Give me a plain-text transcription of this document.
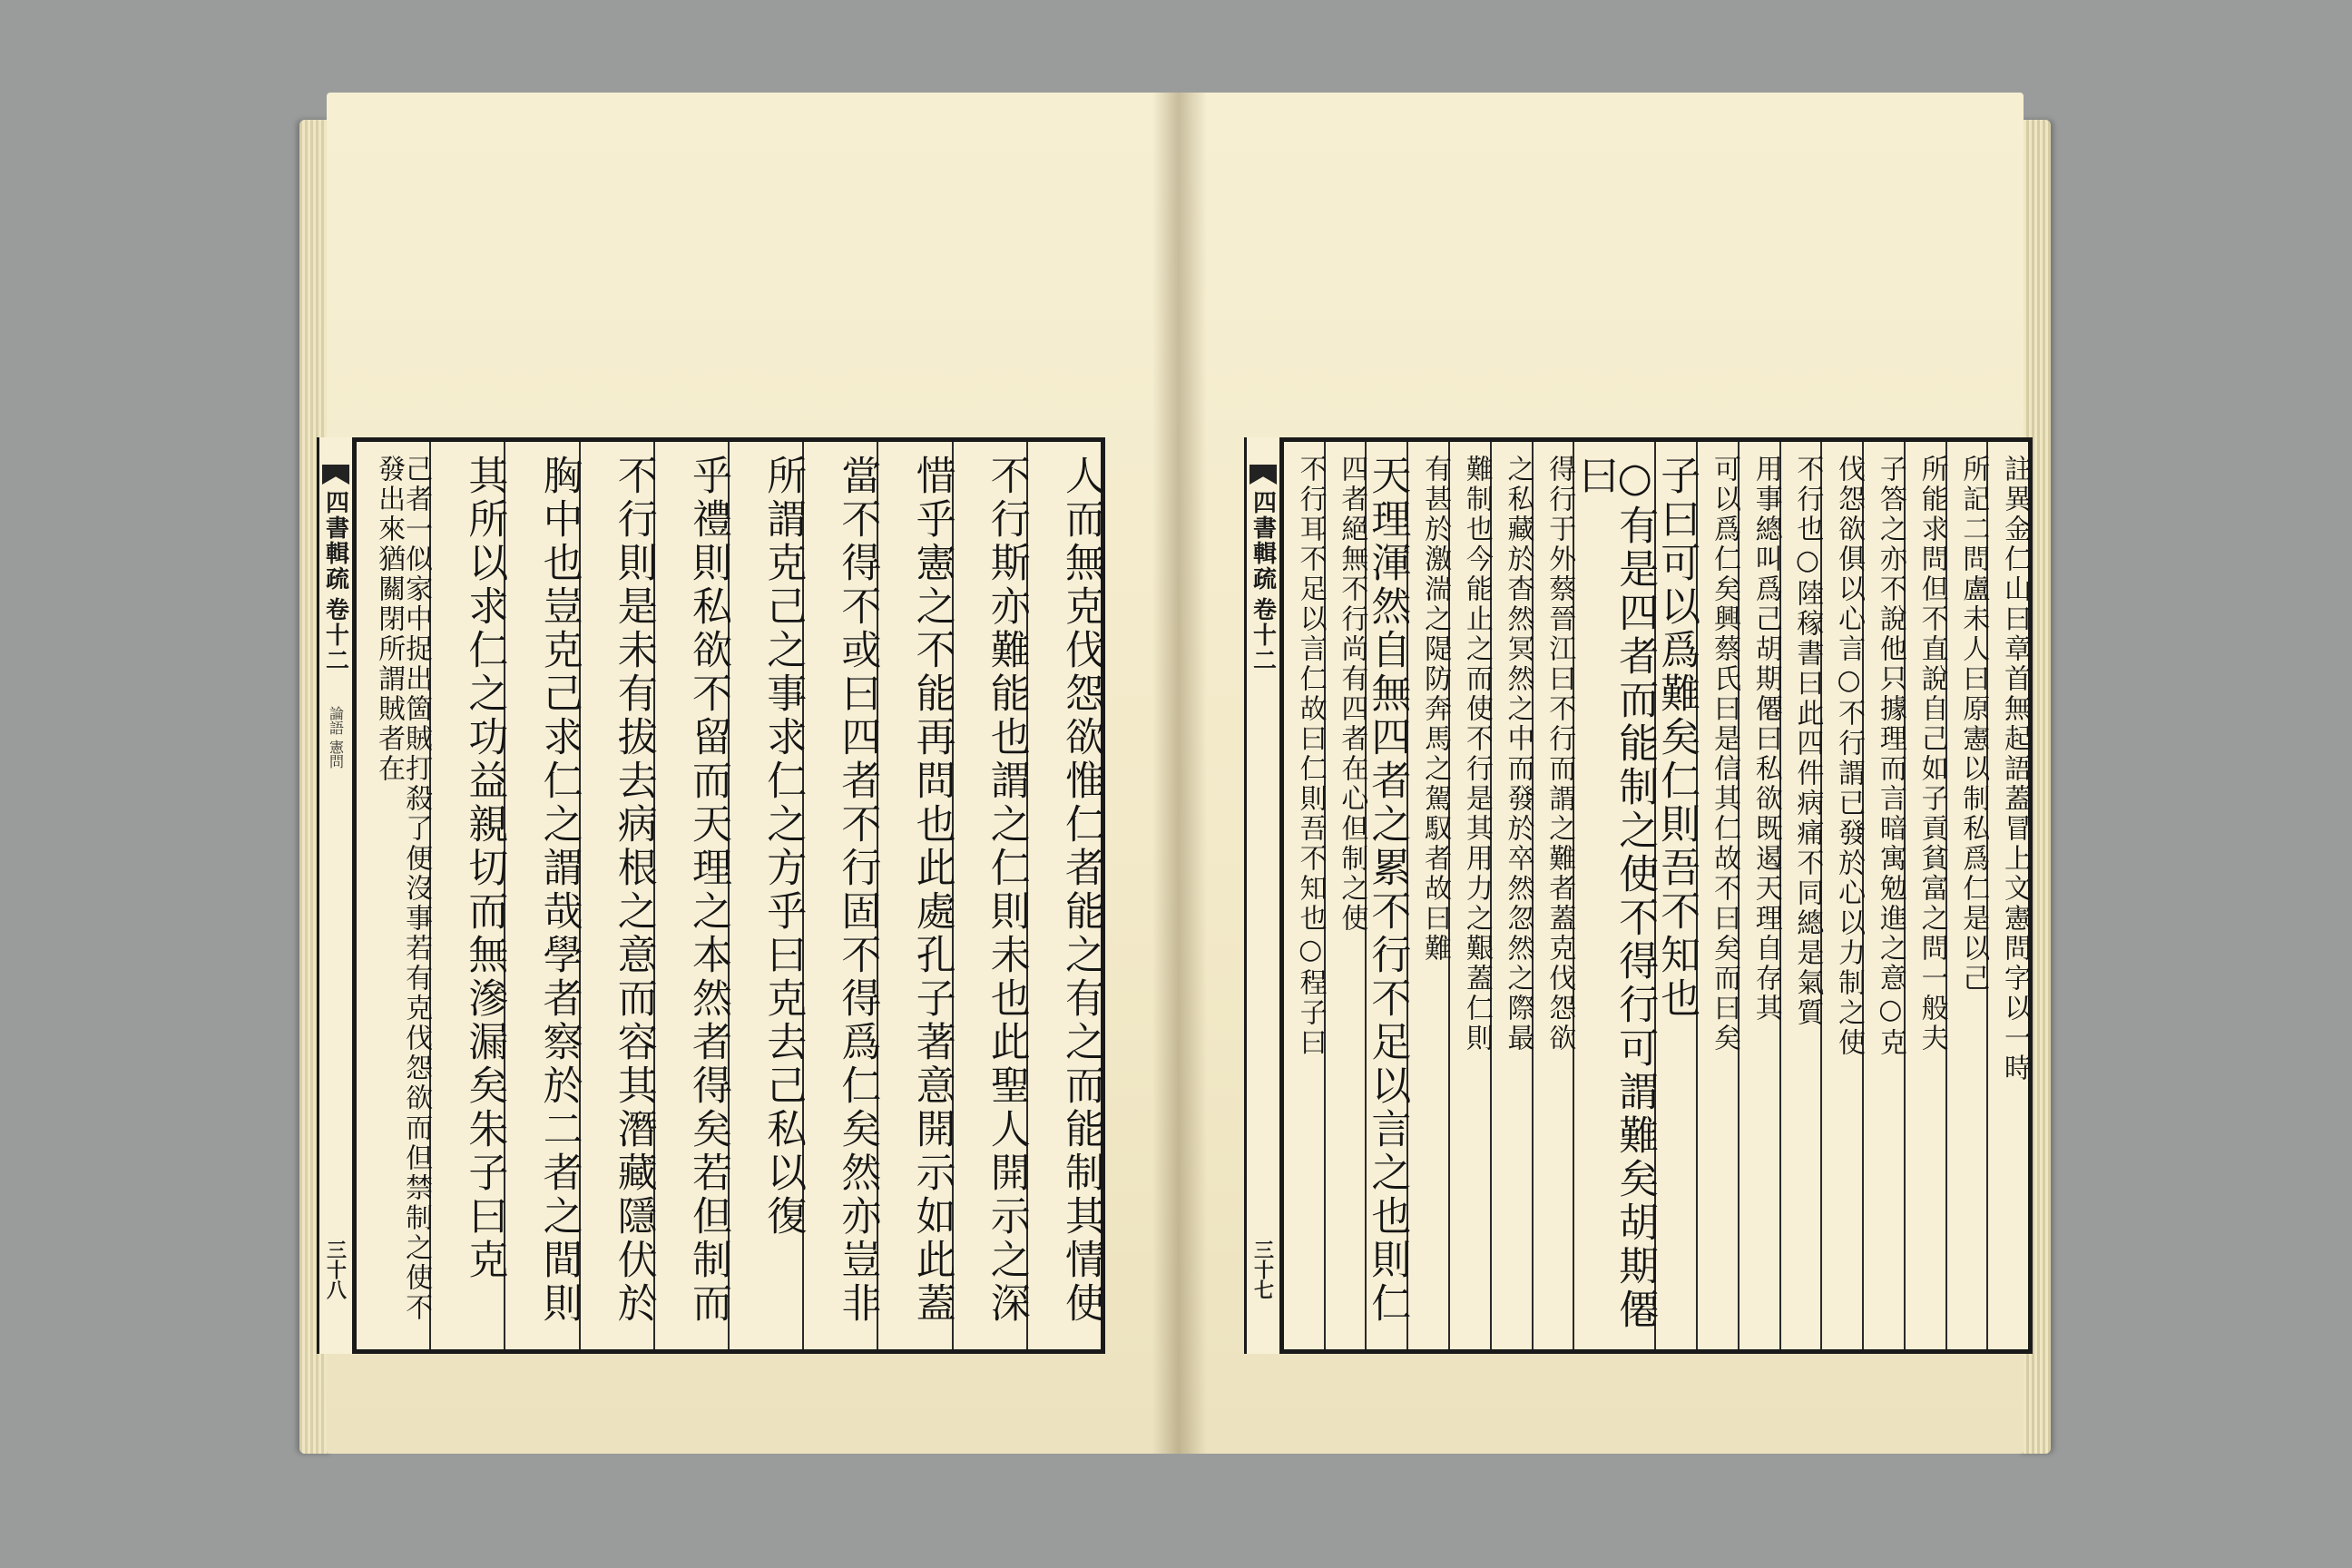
四書輯疏
卷十二
論語 憲問
三十八	人而無克伐怨欲惟仁者能之有之而能制其情使
不行斯亦難能也謂之仁則未也此聖人開示之深
惜乎憲之不能再問也此處孔子著意開示如此蓋
當不得不或曰四者不行固不得爲仁矣然亦豈非
所謂克己之事求仁之方乎曰克去己私以復
乎禮則私欲不留而天理之本然者得矣若但制而
不行則是未有拔去病根之意而容其潛藏隱伏於
胸中也豈克己求仁之謂哉學者察於二者之間則
其所以求仁之功益親切而無滲漏矣朱子曰克
己者一似家中捉出箇賊打殺了便沒事若有克伐怨欲而但禁制之使不發出來猶關閉所謂賊者在	四書輯疏
卷十二
三十七
註異金仁山曰章首無起語蓋冒上文憲問字以一時
所記二問盧未人曰原憲以制私爲仁是以己
所能求問但不直說自己如子貢貧富之問一般夫
子答之亦不說他只據理而言暗寓勉進之意○克
伐怨欲俱以心言○不行謂已發於心以力制之使
不行也○陸稼書曰此四件病痛不同總是氣質
用事總叫爲己胡期僊曰私欲既遏天理自存其
可以爲仁矣興蔡氏曰是信其仁故不曰矣而曰矣
子曰可以爲難矣仁則吾不知也
○有是四者而能制之使不得行可謂難矣胡期僊曰
得行于外蔡晉江曰不行而謂之難者蓋克伐怨欲
之私藏於杳然冥然之中而發於卒然忽然之際最
難制也今能止之而使不行是其用力之艱蓋仁則
有甚於激湍之隄防奔馬之駕馭者故曰難
天理渾然自無四者之累不行不足以言之也則仁
四者絕無不行尚有四者在心但制之使
不行耳不足以言仁故曰仁則吾不知也○程子曰
